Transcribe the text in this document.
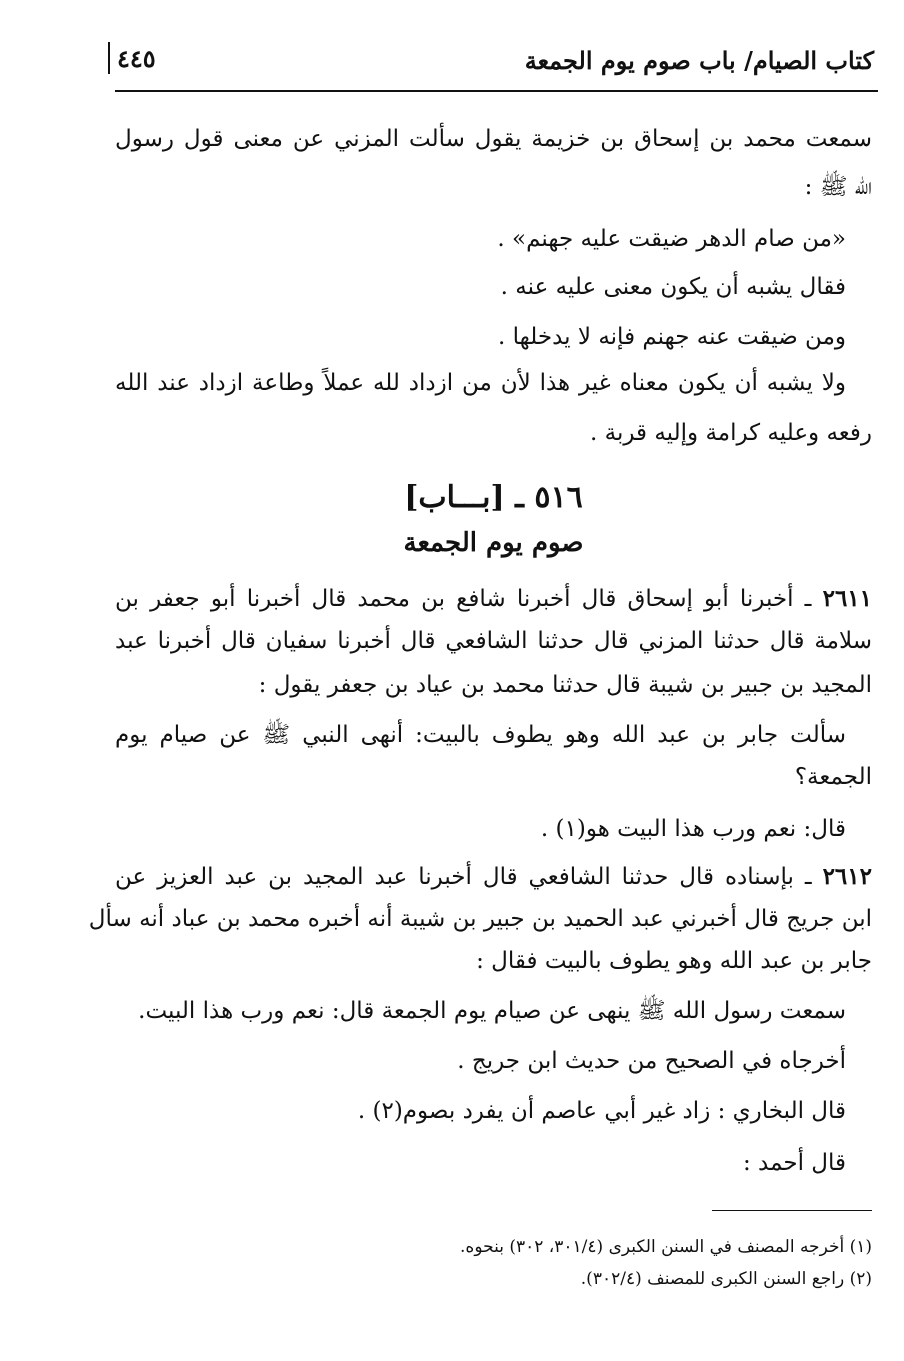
كتاب الصيام/ باب صوم يوم الجمعة
٤٤٥
سمعت محمد بن إسحاق بن خزيمة يقول سألت المزني عن معنى قول رسول
الله ﷺ :
«من صام الدهر ضيقت عليه جهنم» .
فقال يشبه أن يكون معنى عليه عنه .
ومن ضيقت عنه جهنم فإنه لا يدخلها .
ولا يشبه أن يكون معناه غير هذا لأن من ازداد لله عملاً وطاعة ازداد عند الله
رفعه وعليه كرامة وإليه قربة .
٥١٦ ـ [بـــاب]
صوم يوم الجمعة
٢٦١١ ـ أخبرنا أبو إسحاق قال أخبرنا شافع بن محمد قال أخبرنا أبو جعفر بن
سلامة قال حدثنا المزني قال حدثنا الشافعي قال أخبرنا سفيان قال أخبرنا عبد
المجيد بن جبير بن شيبة قال حدثنا محمد بن عياد بن جعفر يقول :
سألت جابر بن عبد الله وهو يطوف بالبيت: أنهى النبي ﷺ عن صيام يوم
الجمعة؟
قال: نعم ورب هذا البيت هو(١) .
٢٦١٢ ـ بإسناده قال حدثنا الشافعي قال أخبرنا عبد المجيد بن عبد العزيز عن
ابن جريج قال أخبرني عبد الحميد بن جبير بن شيبة أنه أخبره محمد بن عباد أنه سأل
جابر بن عبد الله وهو يطوف بالبيت فقال :
سمعت رسول الله ﷺ ينهى عن صيام يوم الجمعة قال: نعم ورب هذا البيت.
أخرجاه في الصحيح من حديث ابن جريج .
قال البخاري : زاد غير أبي عاصم أن يفرد بصوم(٢) .
قال أحمد :
(١) أخرجه المصنف في السنن الكبرى (٣٠١/٤، ٣٠٢) بنحوه.
(٢) راجع السنن الكبرى للمصنف (٣٠٢/٤).
